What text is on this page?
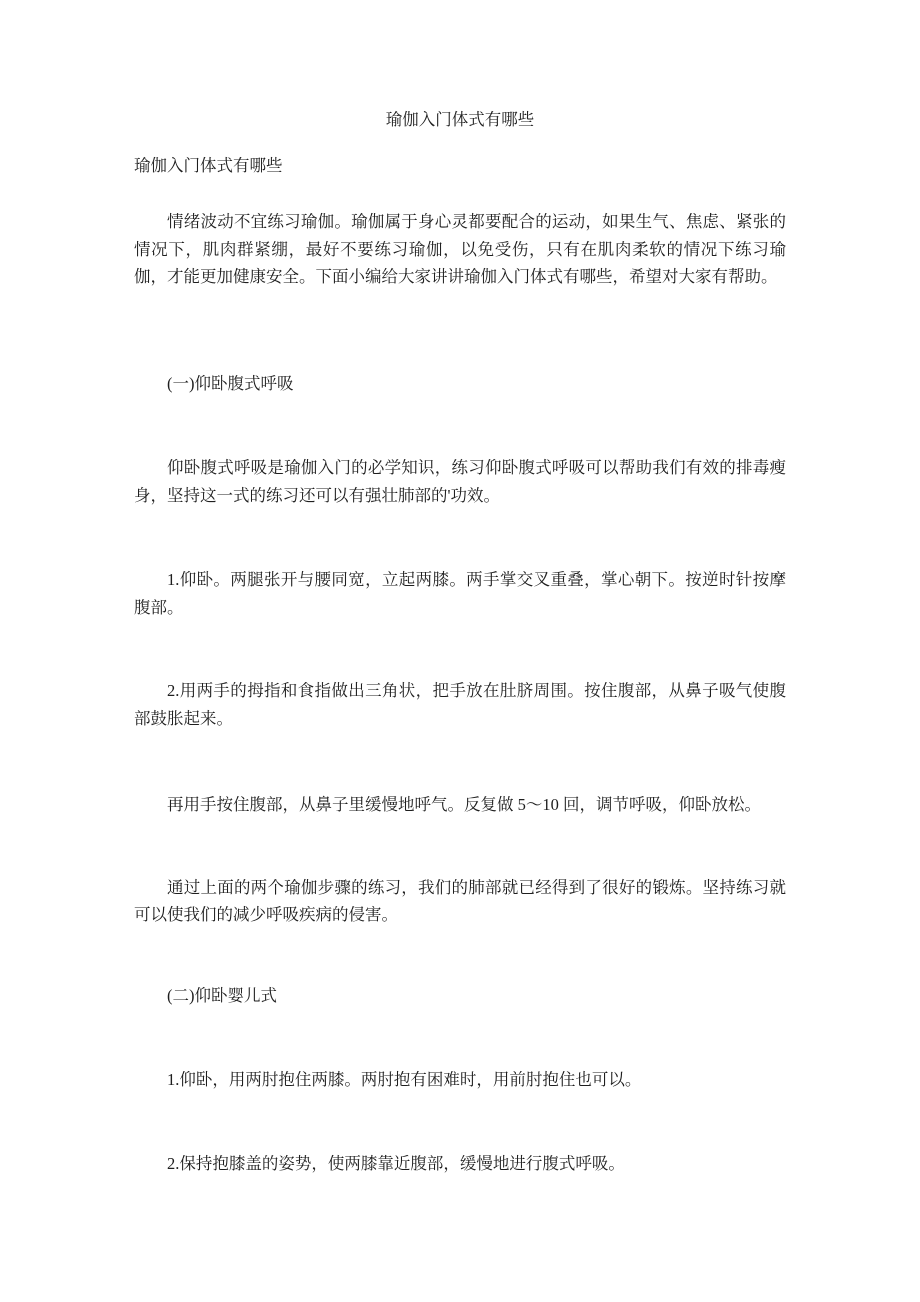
瑜伽入门体式有哪些

瑜伽入门体式有哪些

情绪波动不宜练习瑜伽。瑜伽属于身心灵都要配合的运动，如果生气、焦虑、紧张的情况下，肌肉群紧绷，最好不要练习瑜伽，以免受伤，只有在肌肉柔软的情况下练习瑜伽，才能更加健康安全。下面小编给大家讲讲瑜伽入门体式有哪些，希望对大家有帮助。

(一)仰卧腹式呼吸

仰卧腹式呼吸是瑜伽入门的必学知识，练习仰卧腹式呼吸可以帮助我们有效的排毒瘦身，坚持这一式的练习还可以有强壮肺部的'功效。

1.仰卧。两腿张开与腰同宽，立起两膝。两手掌交叉重叠，掌心朝下。按逆时针按摩腹部。

2.用两手的拇指和食指做出三角状，把手放在肚脐周围。按住腹部，从鼻子吸气使腹部鼓胀起来。

再用手按住腹部，从鼻子里缓慢地呼气。反复做 5～10 回，调节呼吸，仰卧放松。

通过上面的两个瑜伽步骤的练习，我们的肺部就已经得到了很好的锻炼。坚持练习就可以使我们的减少呼吸疾病的侵害。

(二)仰卧婴儿式

1.仰卧，用两肘抱住两膝。两肘抱有困难时，用前肘抱住也可以。

2.保持抱膝盖的姿势，使两膝靠近腹部，缓慢地进行腹式呼吸。
